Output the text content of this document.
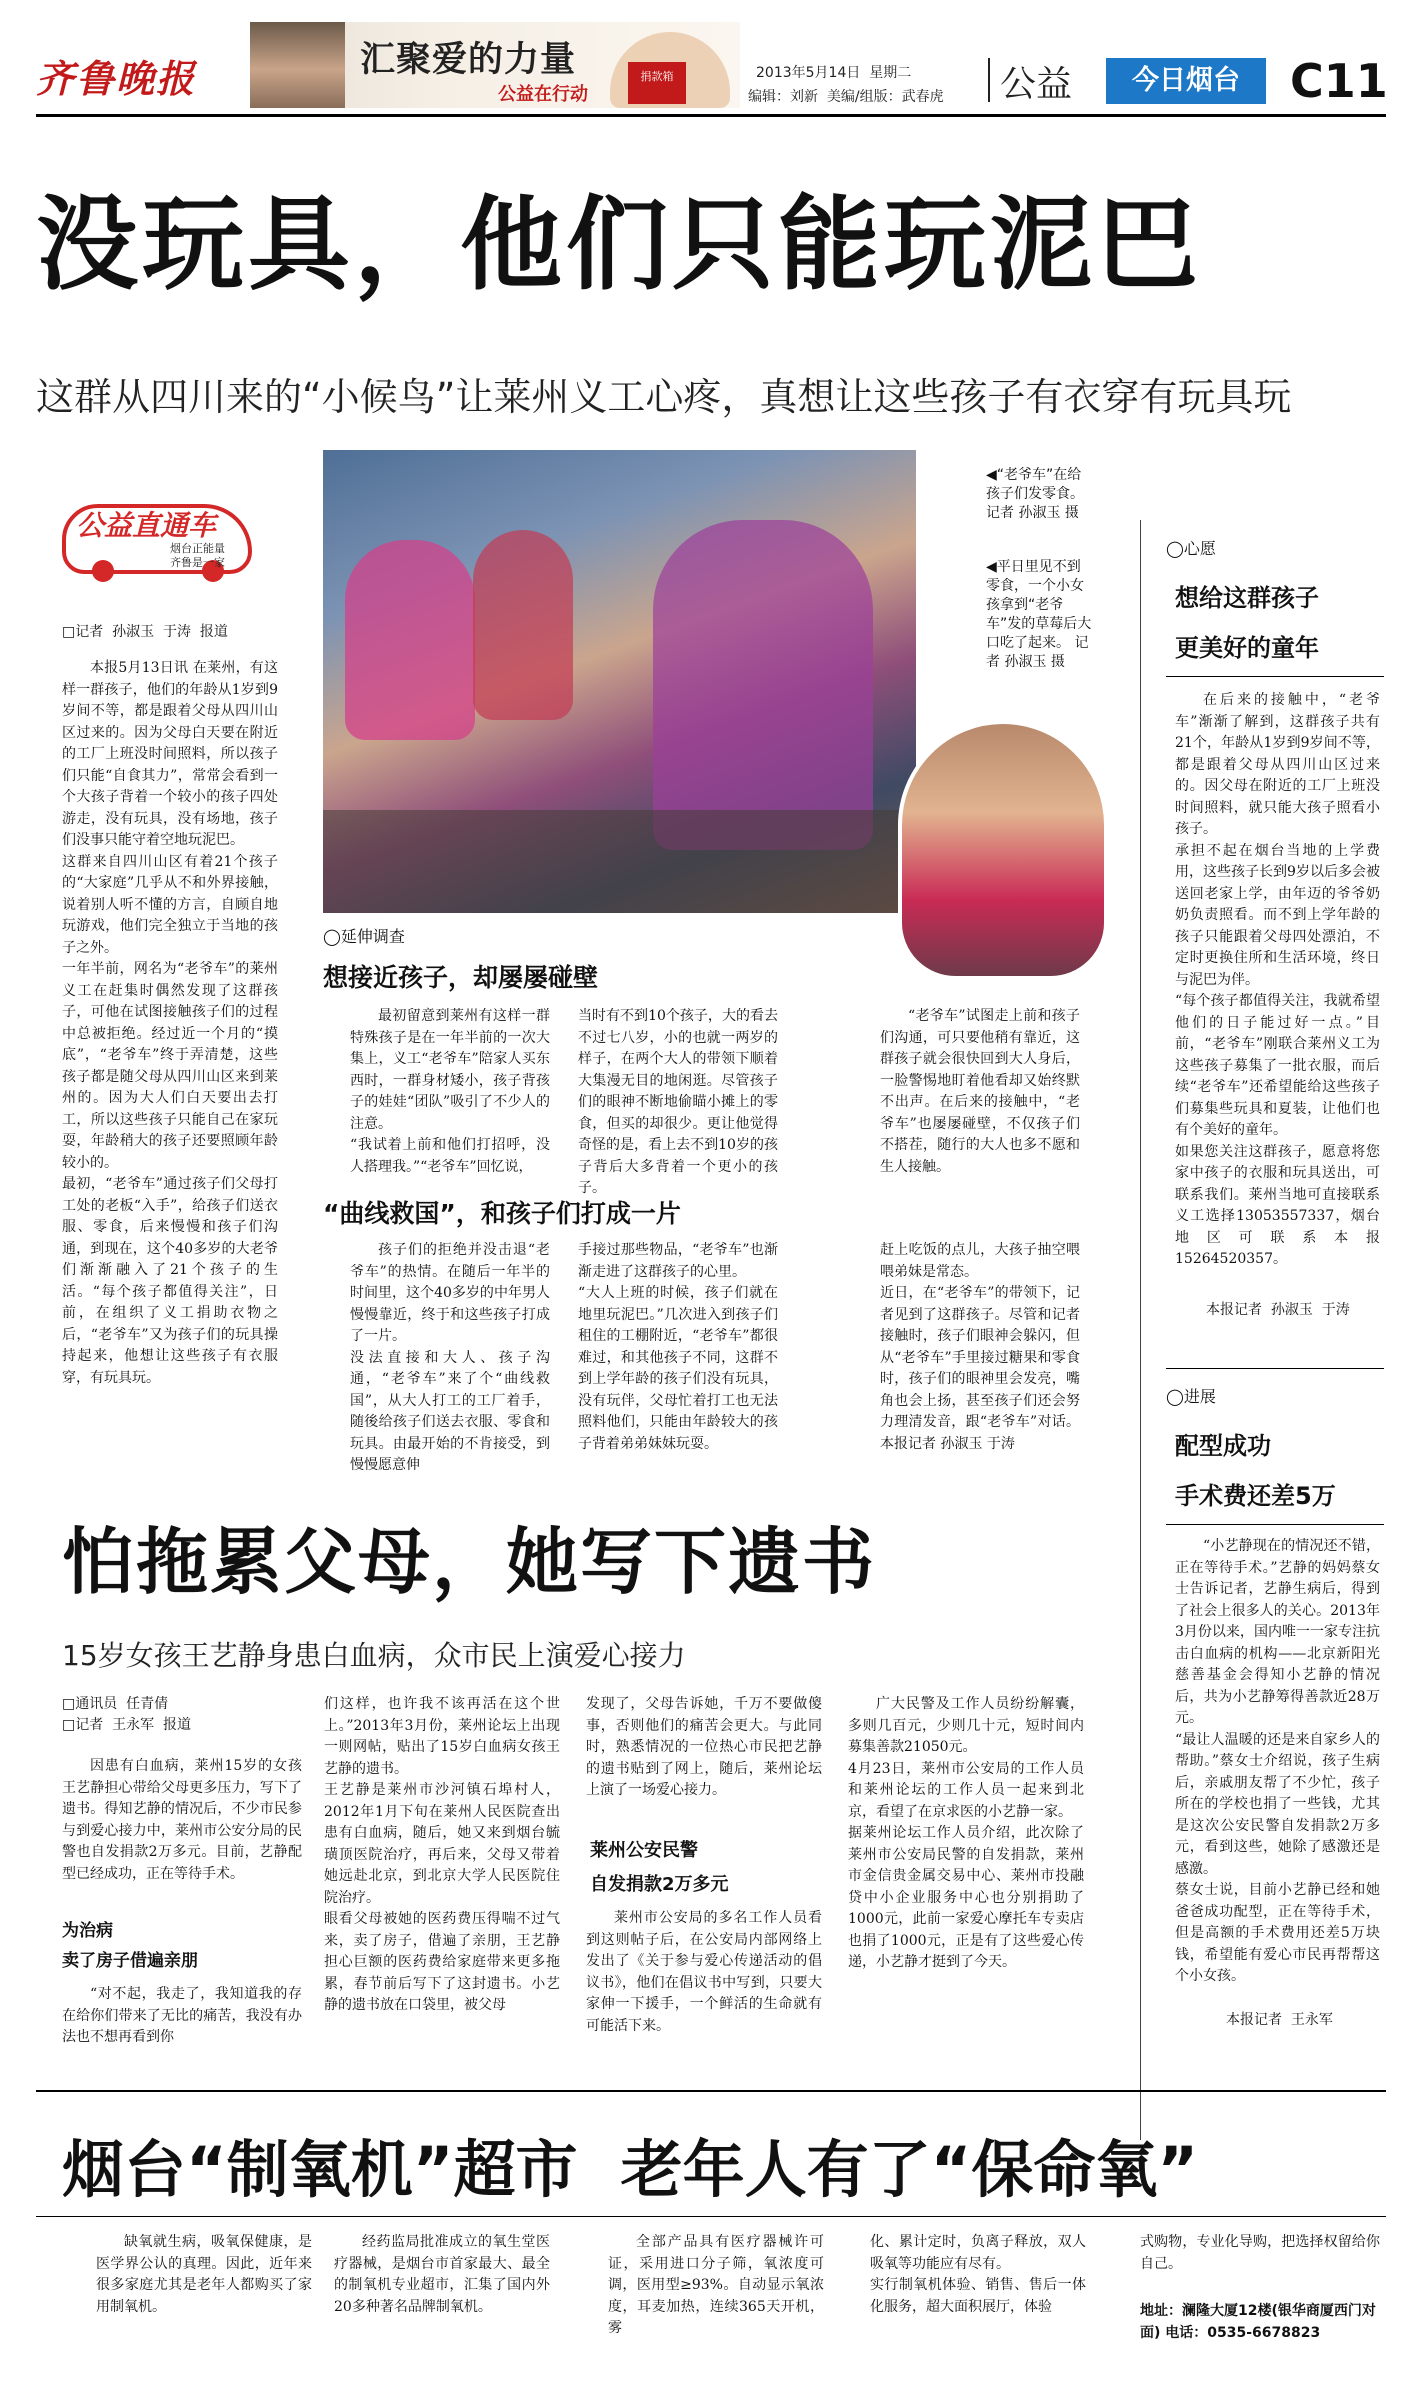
齐鲁晚报	汇聚爱的力量
公益在行动
捐款箱	2013年5月14日  星期二
编辑：刘新  美编/组版：武春虎 公益	今日烟台	C11
没玩具，他们只能玩泥巴
这群从四川来的“小候鸟”让莱州义工心疼，真想让这些孩子有衣穿有玩具玩
公益直通车
烟台正能量
齐鲁是一家
□记者  孙淑玉  于涛  报道
本报5月13日讯 在莱州，有这样一群孩子，他们的年龄从1岁到9岁间不等，都是跟着父母从四川山区过来的。因为父母白天要在附近的工厂上班没时间照料，所以孩子们只能“自食其力”，常常会看到一个大孩子背着一个较小的孩子四处游走，没有玩具，没有场地，孩子们没事只能守着空地玩泥巴。
这群来自四川山区有着21个孩子的“大家庭”几乎从不和外界接触，说着别人听不懂的方言，自顾自地玩游戏，他们完全独立于当地的孩子之外。
一年半前，网名为“老爷车”的莱州义工在赶集时偶然发现了这群孩子，可他在试图接触孩子们的过程中总被拒绝。经过近一个月的“摸底”，“老爷车”终于弄清楚，这些孩子都是随父母从四川山区来到莱州的。因为大人们白天要出去打工，所以这些孩子只能自己在家玩耍，年龄稍大的孩子还要照顾年龄较小的。
最初，“老爷车”通过孩子们父母打工处的老板“入手”，给孩子们送衣服、零食，后来慢慢和孩子们沟通，到现在，这个40多岁的大老爷们渐渐融入了21个孩子的生活。“每个孩子都值得关注”，日前，在组织了义工捐助衣物之后，“老爷车”又为孩子们的玩具操持起来，他想让这些孩子有衣服穿，有玩具玩。
◀“老爷车”在给孩子们发零食。 记者 孙淑玉 摄
◀平日里见不到零食，一个小女孩拿到“老爷车”发的草莓后大口吃了起来。 记者 孙淑玉 摄
◯延伸调查
想接近孩子，却屡屡碰壁
最初留意到莱州有这样一群特殊孩子是在一年半前的一次大集上，义工“老爷车”陪家人买东西时，一群身材矮小，孩子背孩子的娃娃“团队”吸引了不少人的注意。
“我试着上前和他们打招呼，没人搭理我。”“老爷车”回忆说，
当时有不到10个孩子，大的看去不过七八岁，小的也就一两岁的样子，在两个大人的带领下顺着大集漫无目的地闲逛。尽管孩子们的眼神不断地偷瞄小摊上的零食，但买的却很少。更让他觉得奇怪的是，看上去不到10岁的孩子背后大多背着一个更小的孩子。
“老爷车”试图走上前和孩子们沟通，可只要他稍有靠近，这群孩子就会很快回到大人身后，一脸警惕地盯着他看却又始终默不出声。在后来的接触中，“老爷车”也屡屡碰壁，不仅孩子们不搭茬，随行的大人也多不愿和生人接触。
“曲线救国”，和孩子们打成一片
孩子们的拒绝并没击退“老爷车”的热情。在随后一年半的时间里，这个40多岁的中年男人慢慢靠近，终于和这些孩子打成了一片。
没法直接和大人、孩子沟通，“老爷车”来了个“曲线救国”，从大人打工的工厂着手，随後给孩子们送去衣服、零食和玩具。由最开始的不肯接受，到慢慢愿意伸
手接过那些物品，“老爷车”也渐渐走进了这群孩子的心里。
“大人上班的时候，孩子们就在地里玩泥巴。”几次进入到孩子们租住的工棚附近，“老爷车”都很难过，和其他孩子不同，这群不到上学年龄的孩子们没有玩具，没有玩伴，父母忙着打工也无法照料他们，只能由年龄较大的孩子背着弟弟妹妹玩耍。
赶上吃饭的点儿，大孩子抽空喂喂弟妹是常态。
近日，在“老爷车”的带领下，记者见到了这群孩子。尽管和记者接触时，孩子们眼神会躲闪，但从“老爷车”手里接过糖果和零食时，孩子们的眼神里会发亮，嘴角也会上扬，甚至孩子们还会努力理清发音，跟“老爷车”对话。本报记者 孙淑玉 于涛
◯心愿
想给这群孩子
更美好的童年
在后来的接触中，“老爷车”渐渐了解到，这群孩子共有21个，年龄从1岁到9岁间不等，都是跟着父母从四川山区过来的。因父母在附近的工厂上班没时间照料，就只能大孩子照看小孩子。
承担不起在烟台当地的上学费用，这些孩子长到9岁以后多会被送回老家上学，由年迈的爷爷奶奶负责照看。而不到上学年龄的孩子只能跟着父母四处漂泊，不定时更换住所和生活环境，终日与泥巴为伴。
“每个孩子都值得关注，我就希望他们的日子能过好一点。”目前，“老爷车”刚联合莱州义工为这些孩子募集了一批衣服，而后续“老爷车”还希望能给这些孩子们募集些玩具和夏装，让他们也有个美好的童年。
如果您关注这群孩子，愿意将您家中孩子的衣服和玩具送出，可联系我们。莱州当地可直接联系义工选择13053557337，烟台地区可联系本报15264520357。
本报记者  孙淑玉  于涛
◯进展
配型成功
手术费还差5万
“小艺静现在的情况还不错，正在等待手术。”艺静的妈妈蔡女士告诉记者，艺静生病后，得到了社会上很多人的关心。2013年3月份以来，国内唯一一家专注抗击白血病的机构——北京新阳光慈善基金会得知小艺静的情况后，共为小艺静筹得善款近28万元。
“最让人温暖的还是来自家乡人的帮助。”蔡女士介绍说，孩子生病后，亲戚朋友帮了不少忙，孩子所在的学校也捐了一些钱，尤其是这次公安民警自发捐款2万多元，看到这些，她除了感激还是感激。
蔡女士说，目前小艺静已经和她爸爸成功配型，正在等待手术，但是高额的手术费用还差5万块钱，希望能有爱心市民再帮帮这个小女孩。
本报记者  王永军
怕拖累父母，她写下遗书
15岁女孩王艺静身患白血病，众市民上演爱心接力
□通讯员  任青倩
□记者  王永军  报道
因患有白血病，莱州15岁的女孩王艺静担心带给父母更多压力，写下了遗书。得知艺静的情况后，不少市民参与到爱心接力中，莱州市公安分局的民警也自发捐款2万多元。目前，艺静配型已经成功，正在等待手术。
为治病
卖了房子借遍亲朋
“对不起，我走了，我知道我的存在给你们带来了无比的痛苦，我没有办法也不想再看到你
们这样，也许我不该再活在这个世上。”2013年3月份，莱州论坛上出现一则网帖，贴出了15岁白血病女孩王艺静的遗书。
王艺静是莱州市沙河镇石埠村人，2012年1月下旬在莱州人民医院查出患有白血病，随后，她又来到烟台毓璜顶医院治疗，再后来，父母又带着她远赴北京，到北京大学人民医院住院治疗。
眼看父母被她的医药费压得喘不过气来，卖了房子，借遍了亲朋，王艺静担心巨额的医药费给家庭带来更多拖累，春节前后写下了这封遗书。小艺静的遗书放在口袋里，被父母
发现了，父母告诉她，千万不要做傻事，否则他们的痛苦会更大。与此同时，熟悉情况的一位热心市民把艺静的遗书贴到了网上，随后，莱州论坛上演了一场爱心接力。
莱州公安民警
自发捐款2万多元
莱州市公安局的多名工作人员看到这则帖子后，在公安局内部网络上发出了《关于参与爱心传递活动的倡议书》，他们在倡议书中写到，只要大家伸一下援手，一个鲜活的生命就有可能活下来。
广大民警及工作人员纷纷解囊，多则几百元，少则几十元，短时间内募集善款21050元。
4月23日，莱州市公安局的工作人员和莱州论坛的工作人员一起来到北京，看望了在京求医的小艺静一家。
据莱州论坛工作人员介绍，此次除了莱州市公安局民警的自发捐款，莱州市金信贵金属交易中心、莱州市投融贷中小企业服务中心也分别捐助了1000元，此前一家爱心摩托车专卖店也捐了1000元，正是有了这些爱心传递，小艺静才挺到了今天。
烟台“制氧机”超市  老年人有了“保命氧”
缺氧就生病，吸氧保健康，是医学界公认的真理。因此，近年来很多家庭尤其是老年人都购买了家用制氧机。
经药监局批准成立的氧生堂医疗器械，是烟台市首家最大、最全的制氧机专业超市，汇集了国内外20多种著名品牌制氧机。
全部产品具有医疗器械许可证，采用进口分子筛，氧浓度可调，医用型≥93%。自动显示氧浓度，耳麦加热，连续365天开机，雾
化、累计定时，负离子释放，双人吸氧等功能应有尽有。
实行制氧机体验、销售、售后一体化服务，超大面积展厅，体验
式购物，专业化导购，把选择权留给你自己。
地址：澜隆大厦12楼(银华商厦西门对面) 电话：0535-6678823
